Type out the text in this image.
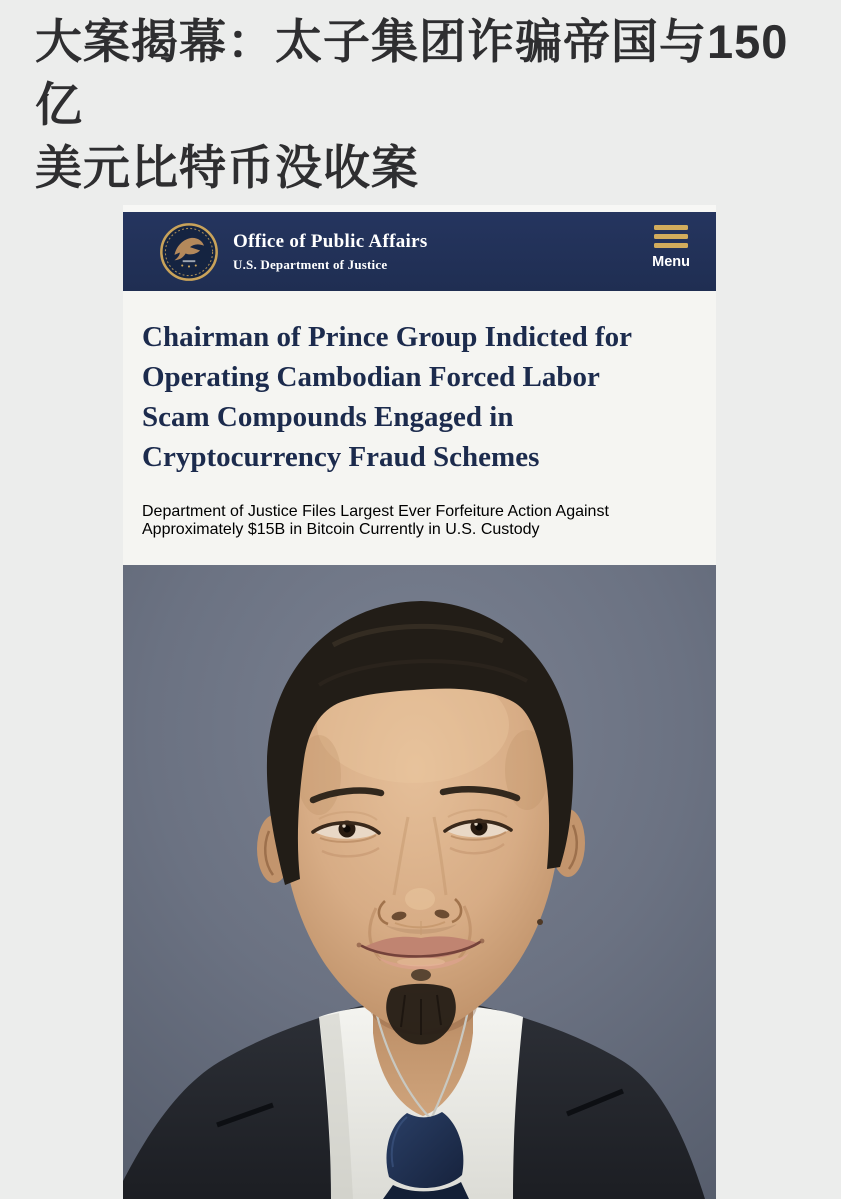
大案揭幕：太子集团诈骗帝国与150亿
美元比特币没收案
Office of Public Affairs
U.S. Department of Justice	Menu
Chairman of Prince Group Indicted for
Operating Cambodian Forced Labor
Scam Compounds Engaged in
Cryptocurrency Fraud Schemes

Department of Justice Files Largest Ever Forfeiture Action Against
Approximately $15B in Bitcoin Currently in U.S. Custody
